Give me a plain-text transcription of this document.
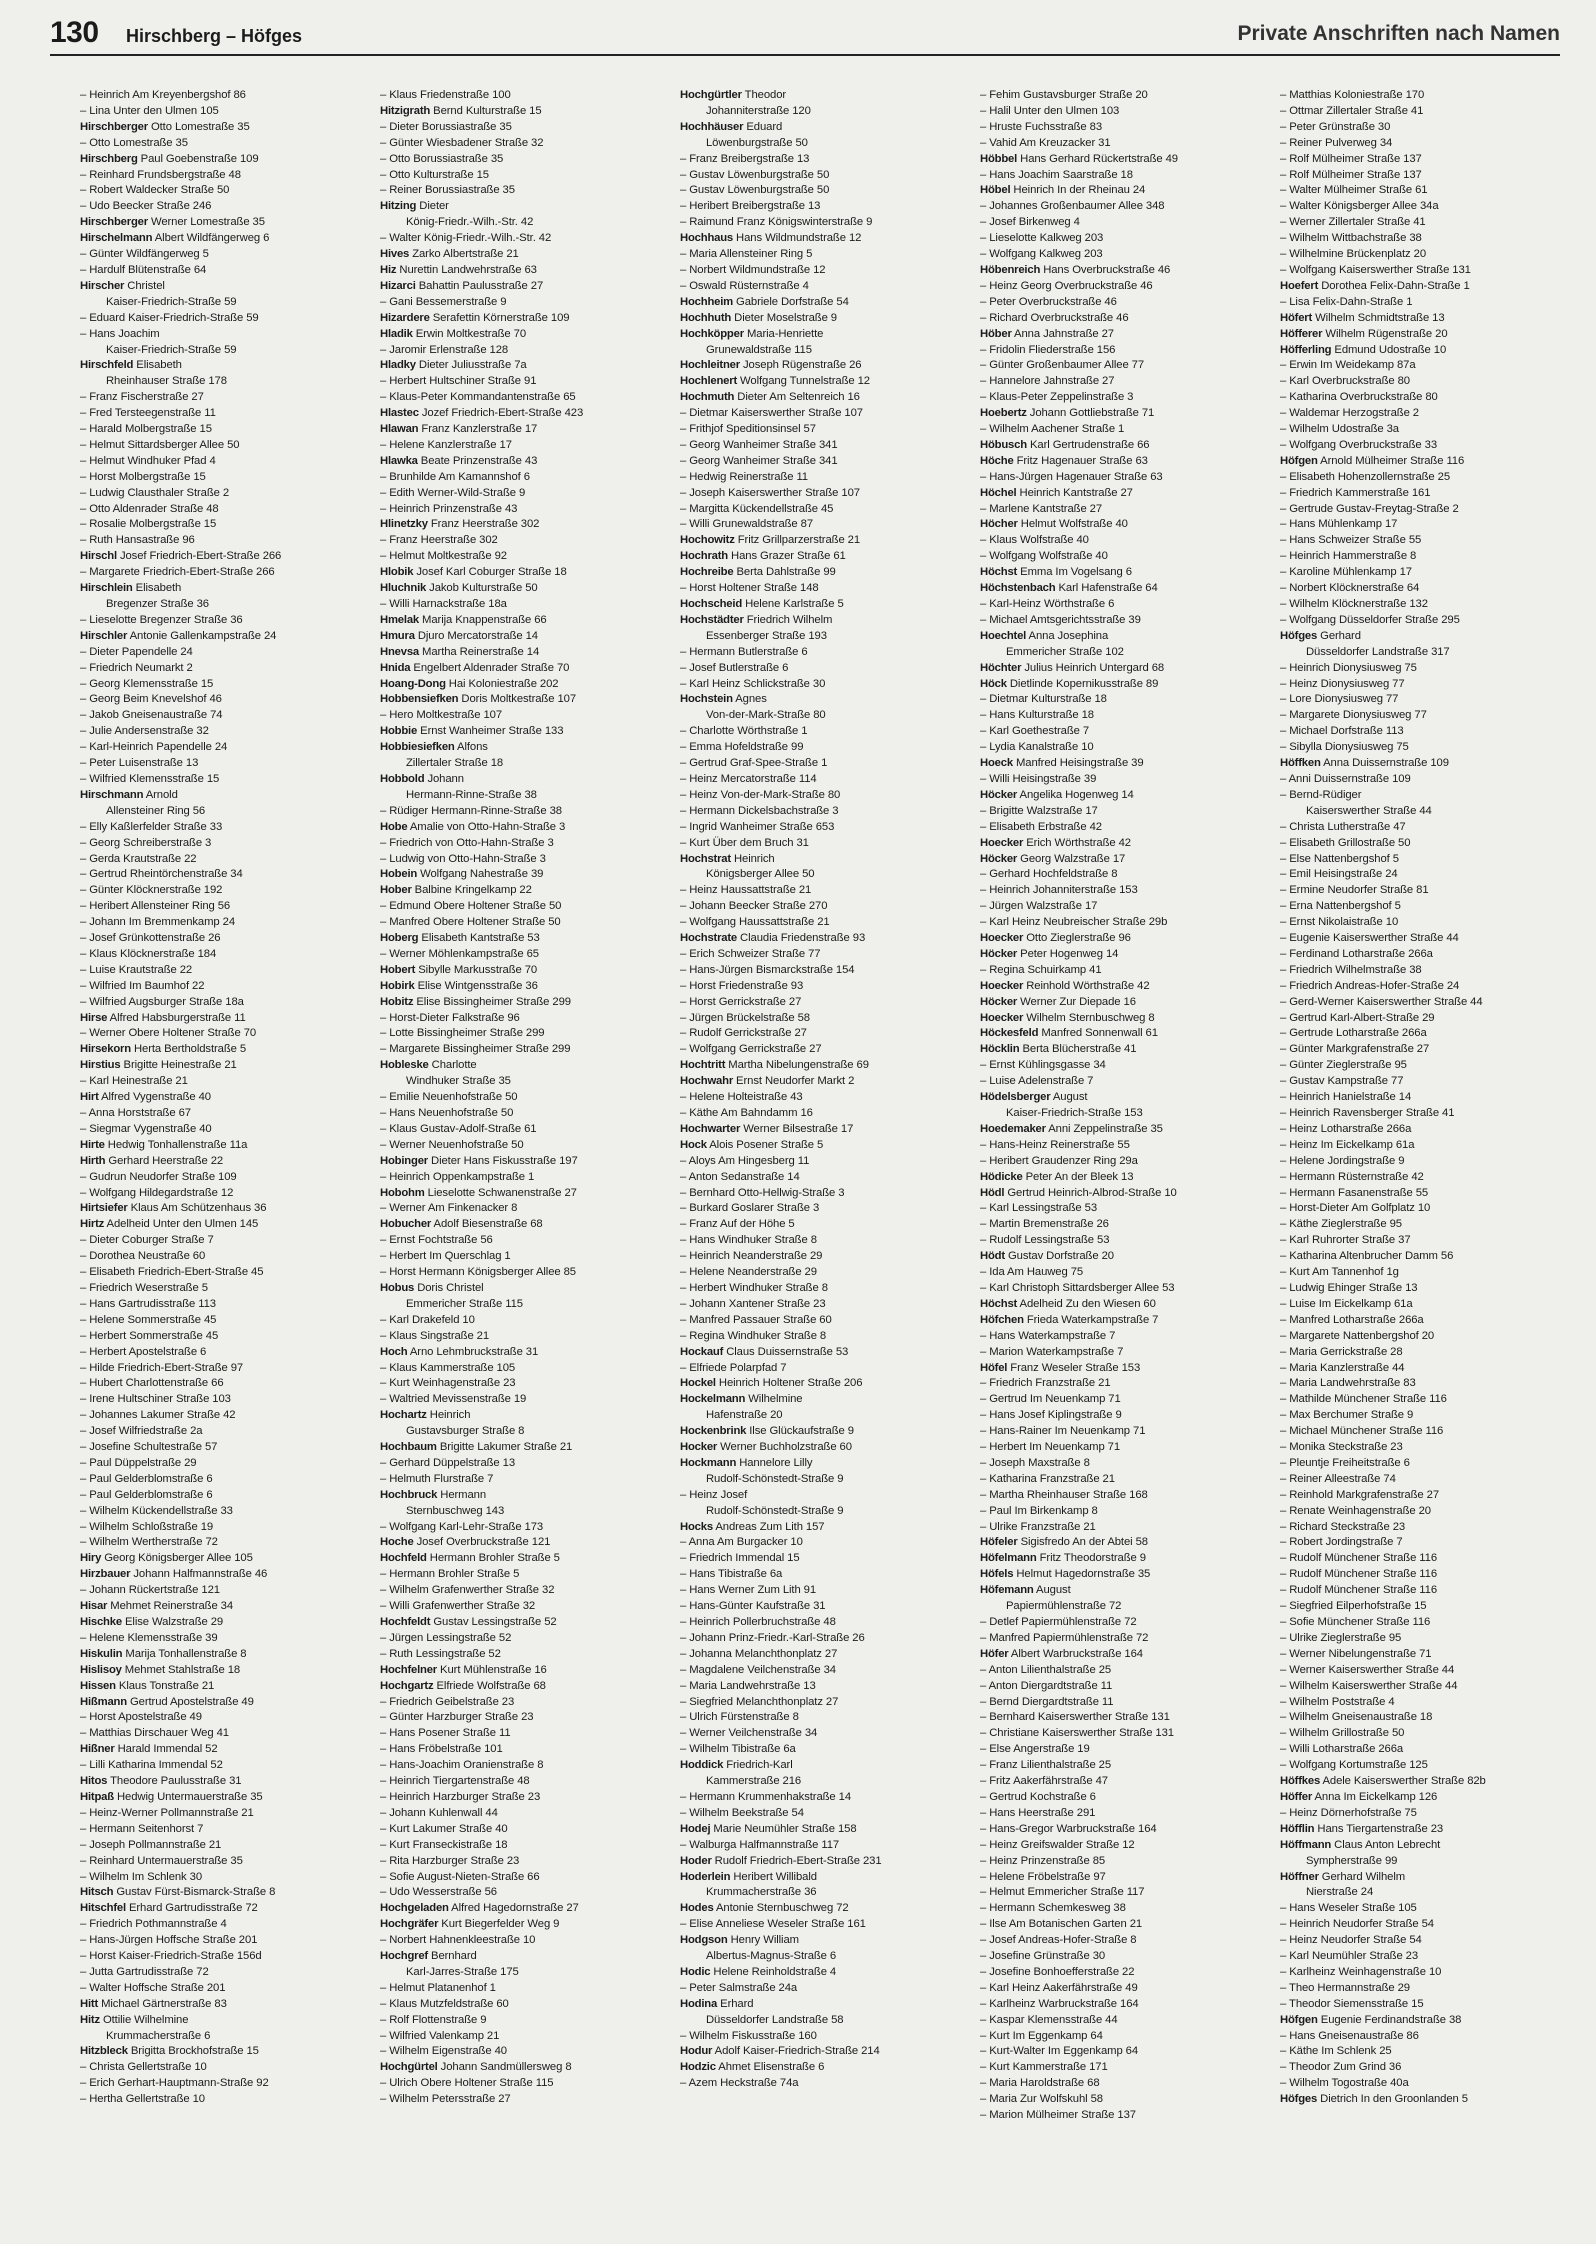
130 Hirschberg – Höfges	Private Anschriften nach Namen
– Heinrich Am Kreyenbergshof 86
– Lina Unter den Ulmen 105
Hirschberger Otto Lomestraße 35
– Otto Lomestraße 35
Hirschberg Paul Goebenstraße 109
– Reinhard Frundsbergstraße 48
– Robert Waldecker Straße 50
– Udo Beecker Straße 246
Hirschberger Werner Lomestraße 35
Hirschelmann Albert Wildfängerweg 6
– Günter Wildfängerweg 5
– Hardulf Blütenstraße 64
Hirscher Christel
Kaiser-Friedrich-Straße 59
– Eduard Kaiser-Friedrich-Straße 59
– Hans Joachim
Kaiser-Friedrich-Straße 59
Hirschfeld Elisabeth
Rheinhauser Straße 178
– Franz Fischerstraße 27
– Fred Tersteegenstraße 11
– Harald Molbergstraße 15
– Helmut Sittardsberger Allee 50
– Helmut Windhuker Pfad 4
– Horst Molbergstraße 15
– Ludwig Clausthaler Straße 2
– Otto Aldenrader Straße 48
– Rosalie Molbergstraße 15
– Ruth Hansastraße 96
Hirschl Josef Friedrich-Ebert-Straße 266
– Margarete Friedrich-Ebert-Straße 266
Hirschlein Elisabeth
Bregenzer Straße 36
– Lieselotte Bregenzer Straße 36
Hirschler Antonie Gallenkampstraße 24
– Dieter Papendelle 24
– Friedrich Neumarkt 2
– Georg Klemensstraße 15
– Georg Beim Knevelshof 46
– Jakob Gneisenaustraße 74
– Julie Andersenstraße 32
– Karl-Heinrich Papendelle 24
– Peter Luisenstraße 13
– Wilfried Klemensstraße 15
Hirschmann Arnold
Allensteiner Ring 56
– Elly Kaßlerfelder Straße 33
– Georg Schreiberstraße 3
– Gerda Krautstraße 22
– Gertrud Rheintörchenstraße 34
– Günter Klöcknerstraße 192
– Heribert Allensteiner Ring 56
– Johann Im Bremmenkamp 24
– Josef Grünkottenstraße 26
– Klaus Klöcknerstraße 184
– Luise Krautstraße 22
– Wilfried Im Baumhof 22
– Wilfried Augsburger Straße 18a
Hirse Alfred Habsburgerstraße 11
– Werner Obere Holtener Straße 70
Hirsekorn Herta Bertholdstraße 5
Hirstius Brigitte Heinestraße 21
– Karl Heinestraße 21
Hirt Alfred Vygenstraße 40
– Anna Horststraße 67
– Siegmar Vygenstraße 40
Hirte Hedwig Tonhallenstraße 11a
Hirth Gerhard Heerstraße 22
– Gudrun Neudorfer Straße 109
– Wolfgang Hildegardstraße 12
Hirtsiefer Klaus Am Schützenhaus 36
Hirtz Adelheid Unter den Ulmen 145
– Dieter Coburger Straße 7
– Dorothea Neustraße 60
– Elisabeth Friedrich-Ebert-Straße 45
– Friedrich Weserstraße 5
– Hans Gartrudisstraße 113
– Helene Sommerstraße 45
– Herbert Sommerstraße 45
– Herbert Apostelstraße 6
– Hilde Friedrich-Ebert-Straße 97
– Hubert Charlottenstraße 66
– Irene Hultschiner Straße 103
– Johannes Lakumer Straße 42
– Josef Wilfriedstraße 2a
– Josefine Schultestraße 57
– Paul Düppelstraße 29
– Paul Gelderblomstraße 6
– Paul Gelderblomstraße 6
– Wilhelm Kückendellstraße 33
– Wilhelm Schloßstraße 19
– Wilhelm Wertherstraße 72
Hiry Georg Königsberger Allee 105
Hirzbauer Johann Halfmannstraße 46
– Johann Rückertstraße 121
Hisar Mehmet Reinerstraße 34
Hischke Elise Walzstraße 29
– Helene Klemensstraße 39
Hiskulin Marija Tonhallenstraße 8
Hislisoy Mehmet Stahlstraße 18
Hissen Klaus Tonstraße 21
Hißmann Gertrud Apostelstraße 49
– Horst Apostelstraße 49
– Matthias Dirschauer Weg 41
Hißner Harald Immendal 52
– Lilli Katharina Immendal 52
Hitos Theodore Paulusstraße 31
Hitpaß Hedwig Untermauerstraße 35
– Heinz-Werner Pollmannstraße 21
– Hermann Seitenhorst 7
– Joseph Pollmannstraße 21
– Reinhard Untermauerstraße 35
– Wilhelm Im Schlenk 30
Hitsch Gustav Fürst-Bismarck-Straße 8
Hitschfel Erhard Gartrudisstraße 72
– Friedrich Pothmannstraße 4
– Hans-Jürgen Hoffsche Straße 201
– Horst Kaiser-Friedrich-Straße 156d
– Jutta Gartrudisstraße 72
– Walter Hoffsche Straße 201
Hitt Michael Gärtnerstraße 83
Hitz Ottilie Wilhelmine
Krummacherstraße 6
Hitzbleck Brigitta Brockhofstraße 15
– Christa Gellertstraße 10
– Erich Gerhart-Hauptmann-Straße 92
– Hertha Gellertstraße 10
– Klaus Friedenstraße 100
Hitzigrath Bernd Kulturstraße 15
– Dieter Borussiastraße 35
– Günter Wiesbadener Straße 32
– Otto Borussiastraße 35
– Otto Kulturstraße 15
– Reiner Borussiastraße 35
Hitzing Dieter
König-Friedr.-Wilh.-Str. 42
– Walter König-Friedr.-Wilh.-Str. 42
Hives Zarko Albertstraße 21
Hiz Nurettin Landwehrstraße 63
Hizarci Bahattin Paulusstraße 27
– Gani Bessemerstraße 9
Hizardere Serafettin Körnerstraße 109
Hladik Erwin Moltkestraße 70
– Jaromir Erlenstraße 128
Hladky Dieter Juliusstraße 7a
– Herbert Hultschiner Straße 91
– Klaus-Peter Kommandantenstraße 65
Hlastec Jozef Friedrich-Ebert-Straße 423
Hlawan Franz Kanzlerstraße 17
– Helene Kanzlerstraße 17
Hlawka Beate Prinzenstraße 43
– Brunhilde Am Kamannshof 6
– Edith Werner-Wild-Straße 9
– Heinrich Prinzenstraße 43
Hlinetzky Franz Heerstraße 302
– Franz Heerstraße 302
– Helmut Moltkestraße 92
Hlobik Josef Karl Coburger Straße 18
Hluchnik Jakob Kulturstraße 50
– Willi Harnackstraße 18a
Hmelak Marija Knappenstraße 66
Hmura Djuro Mercatorstraße 14
Hnevsa Martha Reinerstraße 14
Hnida Engelbert Aldenrader Straße 70
Hoang-Dong Hai Koloniestraße 202
Hobbensiefken Doris Moltkestraße 107
– Hero Moltkestraße 107
Hobbie Ernst Wanheimer Straße 133
Hobbiesiefken Alfons
Zillertaler Straße 18
Hobbold Johann
Hermann-Rinne-Straße 38
– Rüdiger Hermann-Rinne-Straße 38
Hobe Amalie von Otto-Hahn-Straße 3
– Friedrich von Otto-Hahn-Straße 3
– Ludwig von Otto-Hahn-Straße 3
Hobein Wolfgang Nahestraße 39
Hober Balbine Kringelkamp 22
– Edmund Obere Holtener Straße 50
– Manfred Obere Holtener Straße 50
Hoberg Elisabeth Kantstraße 53
– Werner Möhlenkampstraße 65
Hobert Sibylle Markusstraße 70
Hobirk Elise Wintgensstraße 36
Hobitz Elise Bissingheimer Straße 299
– Horst-Dieter Falkstraße 96
– Lotte Bissingheimer Straße 299
– Margarete Bissingheimer Straße 299
Hobleske Charlotte
Windhuker Straße 35
– Emilie Neuenhofstraße 50
– Hans Neuenhofstraße 50
– Klaus Gustav-Adolf-Straße 61
– Werner Neuenhofstraße 50
Hobinger Dieter Hans Fiskusstraße 197
– Heinrich Oppenkampstraße 1
Hobohm Lieselotte Schwanenstraße 27
– Werner Am Finkenacker 8
Hobucher Adolf Biesenstraße 68
– Ernst Fochtstraße 56
– Herbert Im Querschlag 1
– Horst Hermann Königsberger Allee 85
Hobus Doris Christel
Emmericher Straße 115
– Karl Drakefeld 10
– Klaus Singstraße 21
Hoch Arno Lehmbruckstraße 31
– Klaus Kammerstraße 105
– Kurt Weinhagenstraße 23
– Waltried Mevissenstraße 19
Hochartz Heinrich
Gustavsburger Straße 8
Hochbaum Brigitte Lakumer Straße 21
– Gerhard Düppelstraße 13
– Helmuth Flurstraße 7
Hochbruck Hermann
Sternbuschweg 143
– Wolfgang Karl-Lehr-Straße 173
Hoche Josef Overbruckstraße 121
Hochfeld Hermann Brohler Straße 5
– Hermann Brohler Straße 5
– Wilhelm Grafenwerther Straße 32
– Willi Grafenwerther Straße 32
Hochfeldt Gustav Lessingstraße 52
– Jürgen Lessingstraße 52
– Ruth Lessingstraße 52
Hochfelner Kurt Mühlenstraße 16
Hochgartz Elfriede Wolfstraße 68
– Friedrich Geibelstraße 23
– Günter Harzburger Straße 23
– Hans Posener Straße 11
– Hans Fröbelstraße 101
– Hans-Joachim Oranienstraße 8
– Heinrich Tiergartenstraße 48
– Heinrich Harzburger Straße 23
– Johann Kuhlenwall 44
– Kurt Lakumer Straße 40
– Kurt Franseckistraße 18
– Rita Harzburger Straße 23
– Sofie August-Nieten-Straße 66
– Udo Wesserstraße 56
Hochgeladen Alfred Hagedornstraße 27
Hochgräfer Kurt Biegerfelder Weg 9
– Norbert Hahnenkleestraße 10
Hochgref Bernhard
Karl-Jarres-Straße 175
– Helmut Platanenhof 1
– Klaus Mutzfeldstraße 60
– Rolf Flottenstraße 9
– Wilfried Valenkamp 21
– Wilhelm Eigenstraße 40
Hochgürtel Johann Sandmüllersweg 8
– Ulrich Obere Holtener Straße 115
– Wilhelm Petersstraße 27
Hochgürtler Theodor
Johanniterstraße 120
Hochhäuser Eduard
Löwenburgstraße 50
– Franz Breibergstraße 13
– Gustav Löwenburgstraße 50
– Gustav Löwenburgstraße 50
– Heribert Breibergstraße 13
– Raimund Franz Königswinterstraße 9
Hochhaus Hans Wildmundstraße 12
– Maria Allensteiner Ring 5
– Norbert Wildmundstraße 12
– Oswald Rüsternstraße 4
Hochheim Gabriele Dorfstraße 54
Hochhuth Dieter Moselstraße 9
Hochköpper Maria-Henriette
Grunewaldstraße 115
Hochleitner Joseph Rügenstraße 26
Hochlenert Wolfgang Tunnelstraße 12
Hochmuth Dieter Am Seltenreich 16
– Dietmar Kaiserswerther Straße 107
– Frithjof Speditionsinsel 57
– Georg Wanheimer Straße 341
– Georg Wanheimer Straße 341
– Hedwig Reinerstraße 11
– Joseph Kaiserswerther Straße 107
– Margitta Kückendellstraße 45
– Willi Grunewaldstraße 87
Hochowitz Fritz Grillparzerstraße 21
Hochrath Hans Grazer Straße 61
Hochreibe Berta Dahlstraße 99
– Horst Holtener Straße 148
Hochscheid Helene Karlstraße 5
Hochstädter Friedrich Wilhelm
Essenberger Straße 193
– Hermann Butlerstraße 6
– Josef Butlerstraße 6
– Karl Heinz Schlickstraße 30
Hochstein Agnes
Von-der-Mark-Straße 80
– Charlotte Wörthstraße 1
– Emma Hofeldstraße 99
– Gertrud Graf-Spee-Straße 1
– Heinz Mercatorstraße 114
– Heinz Von-der-Mark-Straße 80
– Hermann Dickelsbachstraße 3
– Ingrid Wanheimer Straße 653
– Kurt Über dem Bruch 31
Hochstrat Heinrich
Königsberger Allee 50
– Heinz Haussattstraße 21
– Johann Beecker Straße 270
– Wolfgang Haussattstraße 21
Hochstrate Claudia Friedenstraße 93
– Erich Schweizer Straße 77
– Hans-Jürgen Bismarckstraße 154
– Horst Friedenstraße 93
– Horst Gerrickstraße 27
– Jürgen Brückelstraße 58
– Rudolf Gerrickstraße 27
– Wolfgang Gerrickstraße 27
Hochtritt Martha Nibelungenstraße 69
Hochwahr Ernst Neudorfer Markt 2
– Helene Holteistraße 43
– Käthe Am Bahndamm 16
Hochwarter Werner Bilsestraße 17
Hock Alois Posener Straße 5
– Aloys Am Hingesberg 11
– Anton Sedanstraße 14
– Bernhard Otto-Hellwig-Straße 3
– Burkard Goslarer Straße 3
– Franz Auf der Höhe 5
– Hans Windhuker Straße 8
– Heinrich Neanderstraße 29
– Helene Neanderstraße 29
– Herbert Windhuker Straße 8
– Johann Xantener Straße 23
– Manfred Passauer Straße 60
– Regina Windhuker Straße 8
Hockauf Claus Duissernstraße 53
– Elfriede Polarpfad 7
Hockel Heinrich Holtener Straße 206
Hockelmann Wilhelmine
Hafenstraße 20
Hockenbrink Ilse Glückaufstraße 9
Hocker Werner Buchholzstraße 60
Hockmann Hannelore Lilly
Rudolf-Schönstedt-Straße 9
– Heinz Josef
Rudolf-Schönstedt-Straße 9
Hocks Andreas Zum Lith 157
– Anna Am Burgacker 10
– Friedrich Immendal 15
– Hans Tibistraße 6a
– Hans Werner Zum Lith 91
– Hans-Günter Kaufstraße 31
– Heinrich Pollerbruchstraße 48
– Johann Prinz-Friedr.-Karl-Straße 26
– Johanna Melanchthonplatz 27
– Magdalene Veilchenstraße 34
– Maria Landwehrstraße 13
– Siegfried Melanchthonplatz 27
– Ulrich Fürstenstraße 8
– Werner Veilchenstraße 34
– Wilhelm Tibistraße 6a
Hoddick Friedrich-Karl
Kammerstraße 216
– Hermann Krummenhakstraße 14
– Wilhelm Beekstraße 54
Hodej Marie Neumühler Straße 158
– Walburga Halfmannstraße 117
Hoder Rudolf Friedrich-Ebert-Straße 231
Hoderlein Heribert Willibald
Krummacherstraße 36
Hodes Antonie Sternbuschweg 72
– Elise Anneliese Weseler Straße 161
Hodgson Henry William
Albertus-Magnus-Straße 6
Hodic Helene Reinholdstraße 4
– Peter Salmstraße 24a
Hodina Erhard
Düsseldorfer Landstraße 58
– Wilhelm Fiskusstraße 160
Hodur Adolf Kaiser-Friedrich-Straße 214
Hodzic Ahmet Elisenstraße 6
– Azem Heckstraße 74a
– Fehim Gustavsburger Straße 20
– Halil Unter den Ulmen 103
– Hruste Fuchsstraße 83
– Vahid Am Kreuzacker 31
Höbbel Hans Gerhard Rückertstraße 49
– Hans Joachim Saarstraße 18
Höbel Heinrich In der Rheinau 24
– Johannes Großenbaumer Allee 348
– Josef Birkenweg 4
– Lieselotte Kalkweg 203
– Wolfgang Kalkweg 203
Höbenreich Hans Overbruckstraße 46
– Heinz Georg Overbruckstraße 46
– Peter Overbruckstraße 46
– Richard Overbruckstraße 46
Höber Anna Jahnstraße 27
– Fridolin Fliederstraße 156
– Günter Großenbaumer Allee 77
– Hannelore Jahnstraße 27
– Klaus-Peter Zeppelinstraße 3
Hoebertz Johann Gottliebstraße 71
– Wilhelm Aachener Straße 1
Höbusch Karl Gertrudenstraße 66
Höche Fritz Hagenauer Straße 63
– Hans-Jürgen Hagenauer Straße 63
Höchel Heinrich Kantstraße 27
– Marlene Kantstraße 27
Höcher Helmut Wolfstraße 40
– Klaus Wolfstraße 40
– Wolfgang Wolfstraße 40
Höchst Emma Im Vogelsang 6
Höchstenbach Karl Hafenstraße 64
– Karl-Heinz Wörthstraße 6
– Michael Amtsgerichtsstraße 39
Hoechtel Anna Josephina
Emmericher Straße 102
Höchter Julius Heinrich Untergard 68
Höck Dietlinde Kopernikusstraße 89
– Dietmar Kulturstraße 18
– Hans Kulturstraße 18
– Karl Goethestraße 7
– Lydia Kanalstraße 10
Hoeck Manfred Heisingstraße 39
– Willi Heisingstraße 39
Höcker Angelika Hogenweg 14
– Brigitte Walzstraße 17
– Elisabeth Erbstraße 42
Hoecker Erich Wörthstraße 42
Höcker Georg Walzstraße 17
– Gerhard Hochfeldstraße 8
– Heinrich Johanniterstraße 153
– Jürgen Walzstraße 17
– Karl Heinz Neubreischer Straße 29b
Hoecker Otto Zieglerstraße 96
Höcker Peter Hogenweg 14
– Regina Schuirkamp 41
Hoecker Reinhold Wörthstraße 42
Höcker Werner Zur Diepade 16
Hoecker Wilhelm Sternbuschweg 8
Höckesfeld Manfred Sonnenwall 61
Höcklin Berta Blücherstraße 41
– Ernst Kühlingsgasse 34
– Luise Adelenstraße 7
Hödelsberger August
Kaiser-Friedrich-Straße 153
Hoedemaker Anni Zeppelinstraße 35
– Hans-Heinz Reinerstraße 55
– Heribert Graudenzer Ring 29a
Hödicke Peter An der Bleek 13
Hödl Gertrud Heinrich-Albrod-Straße 10
– Karl Lessingstraße 53
– Martin Bremenstraße 26
– Rudolf Lessingstraße 53
Hödt Gustav Dorfstraße 20
– Ida Am Hauweg 75
– Karl Christoph Sittardsberger Allee 53
Höchst Adelheid Zu den Wiesen 60
Höfchen Frieda Waterkampstraße 7
– Hans Waterkampstraße 7
– Marion Waterkampstraße 7
Höfel Franz Weseler Straße 153
– Friedrich Franzstraße 21
– Gertrud Im Neuenkamp 71
– Hans Josef Kiplingstraße 9
– Hans-Rainer Im Neuenkamp 71
– Herbert Im Neuenkamp 71
– Joseph Maxstraße 8
– Katharina Franzstraße 21
– Martha Rheinhauser Straße 168
– Paul Im Birkenkamp 8
– Ulrike Franzstraße 21
Höfeler Sigisfredo An der Abtei 58
Höfelmann Fritz Theodorstraße 9
Höfels Helmut Hagedornstraße 35
Höfemann August
Papiermühlenstraße 72
– Detlef Papiermühlenstraße 72
– Manfred Papiermühlenstraße 72
Höfer Albert Warbruckstraße 164
– Anton Lilienthalstraße 25
– Anton Diergardtstraße 11
– Bernd Diergardtstraße 11
– Bernhard Kaiserswerther Straße 131
– Christiane Kaiserswerther Straße 131
– Else Angerstraße 19
– Franz Lilienthalstraße 25
– Fritz Aakerfährstraße 47
– Gertrud Kochstraße 6
– Hans Heerstraße 291
– Hans-Gregor Warbruckstraße 164
– Heinz Greifswalder Straße 12
– Heinz Prinzenstraße 85
– Helene Fröbelstraße 97
– Helmut Emmericher Straße 117
– Hermann Schemkesweg 38
– Ilse Am Botanischen Garten 21
– Josef Andreas-Hofer-Straße 8
– Josefine Grünstraße 30
– Josefine Bonhoefferstraße 22
– Karl Heinz Aakerfährstraße 49
– Karlheinz Warbruckstraße 164
– Kaspar Klemensstraße 44
– Kurt Im Eggenkamp 64
– Kurt-Walter Im Eggenkamp 64
– Kurt Kammerstraße 171
– Maria Haroldstraße 68
– Maria Zur Wolfskuhl 58
– Marion Mülheimer Straße 137
– Matthias Koloniestraße 170
– Ottmar Zillertaler Straße 41
– Peter Grünstraße 30
– Reiner Pulverweg 34
– Rolf Mülheimer Straße 137
– Rolf Mülheimer Straße 137
– Walter Mülheimer Straße 61
– Walter Königsberger Allee 34a
– Werner Zillertaler Straße 41
– Wilhelm Wittbachstraße 38
– Wilhelmine Brückenplatz 20
– Wolfgang Kaiserswerther Straße 131
Hoefert Dorothea Felix-Dahn-Straße 1
– Lisa Felix-Dahn-Straße 1
Höfert Wilhelm Schmidtstraße 13
Höfferer Wilhelm Rügenstraße 20
Höfferling Edmund Udostraße 10
– Erwin Im Weidekamp 87a
– Karl Overbruckstraße 80
– Katharina Overbruckstraße 80
– Waldemar Herzogstraße 2
– Wilhelm Udostraße 3a
– Wolfgang Overbruckstraße 33
Höfgen Arnold Mülheimer Straße 116
– Elisabeth Hohenzollernstraße 25
– Friedrich Kammerstraße 161
– Gertrude Gustav-Freytag-Straße 2
– Hans Mühlenkamp 17
– Hans Schweizer Straße 55
– Heinrich Hammerstraße 8
– Karoline Mühlenkamp 17
– Norbert Klöcknerstraße 64
– Wilhelm Klöcknerstraße 132
– Wolfgang Düsseldorfer Straße 295
Höfges Gerhard
Düsseldorfer Landstraße 317
– Heinrich Dionysiusweg 75
– Heinz Dionysiusweg 77
– Lore Dionysiusweg 77
– Margarete Dionysiusweg 77
– Michael Dorfstraße 113
– Sibylla Dionysiusweg 75
Höffken Anna Duissernstraße 109
– Anni Duissernstraße 109
– Bernd-Rüdiger
Kaiserswerther Straße 44
– Christa Lutherstraße 47
– Elisabeth Grillostraße 50
– Else Nattenbergshof 5
– Emil Heisingstraße 24
– Ermine Neudorfer Straße 81
– Erna Nattenbergshof 5
– Ernst Nikolaistraße 10
– Eugenie Kaiserswerther Straße 44
– Ferdinand Lotharstraße 266a
– Friedrich Wilhelmstraße 38
– Friedrich Andreas-Hofer-Straße 24
– Gerd-Werner Kaiserswerther Straße 44
– Gertrud Karl-Albert-Straße 29
– Gertrude Lotharstraße 266a
– Günter Markgrafenstraße 27
– Günter Zieglerstraße 95
– Gustav Kampstraße 77
– Heinrich Hanielstraße 14
– Heinrich Ravensberger Straße 41
– Heinz Lotharstraße 266a
– Heinz Im Eickelkamp 61a
– Helene Jordingstraße 9
– Hermann Rüsternstraße 42
– Hermann Fasanenstraße 55
– Horst-Dieter Am Golfplatz 10
– Käthe Zieglerstraße 95
– Karl Ruhrorter Straße 37
– Katharina Altenbrucher Damm 56
– Kurt Am Tannenhof 1g
– Ludwig Ehinger Straße 13
– Luise Im Eickelkamp 61a
– Manfred Lotharstraße 266a
– Margarete Nattenbergshof 20
– Maria Gerrickstraße 28
– Maria Kanzlerstraße 44
– Maria Landwehrstraße 83
– Mathilde Münchener Straße 116
– Max Berchumer Straße 9
– Michael Münchener Straße 116
– Monika Steckstraße 23
– Pleuntje Freiheitstraße 6
– Reiner Alleestraße 74
– Reinhold Markgrafenstraße 27
– Renate Weinhagenstraße 20
– Richard Steckstraße 23
– Robert Jordingstraße 7
– Rudolf Münchener Straße 116
– Rudolf Münchener Straße 116
– Rudolf Münchener Straße 116
– Siegfried Eilperhofstraße 15
– Sofie Münchener Straße 116
– Ulrike Zieglerstraße 95
– Werner Nibelungenstraße 71
– Werner Kaiserswerther Straße 44
– Wilhelm Kaiserswerther Straße 44
– Wilhelm Poststraße 4
– Wilhelm Gneisenaustraße 18
– Wilhelm Grillostraße 50
– Willi Lotharstraße 266a
– Wolfgang Kortumstraße 125
Höffkes Adele Kaiserswerther Straße 82b
Höffer Anna Im Eickelkamp 126
– Heinz Dörnerhofstraße 75
Höfflin Hans Tiergartenstraße 23
Höffmann Claus Anton Lebrecht
Sympherstraße 99
Höffner Gerhard Wilhelm
Nierstraße 24
– Hans Weseler Straße 105
– Heinrich Neudorfer Straße 54
– Heinz Neudorfer Straße 54
– Karl Neumühler Straße 23
– Karlheinz Weinhagenstraße 10
– Theo Hermannstraße 29
– Theodor Siemensstraße 15
Höfgen Eugenie Ferdinandstraße 38
– Hans Gneisenaustraße 86
– Käthe Im Schlenk 25
– Theodor Zum Grind 36
– Wilhelm Togostraße 40a
Höfges Dietrich In den Groonlanden 5
